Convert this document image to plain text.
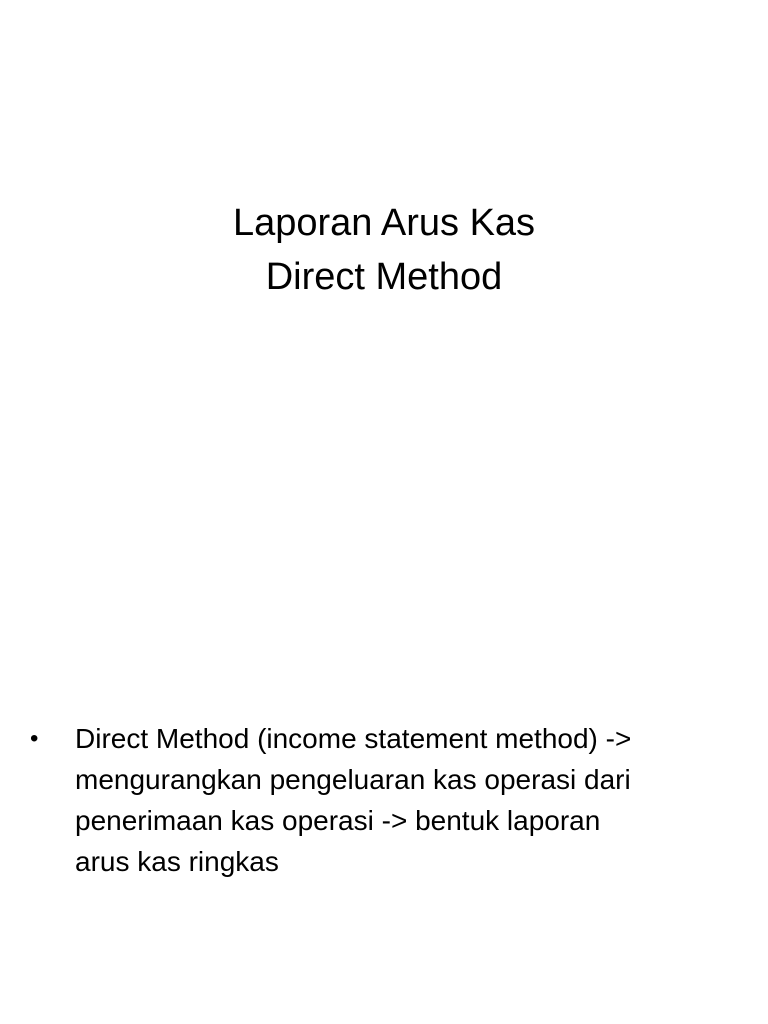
Laporan Arus Kas
Direct Method
•	Direct Method (income statement method) ->
mengurangkan pengeluaran kas operasi dari
penerimaan kas operasi -> bentuk laporan
arus kas ringkas
